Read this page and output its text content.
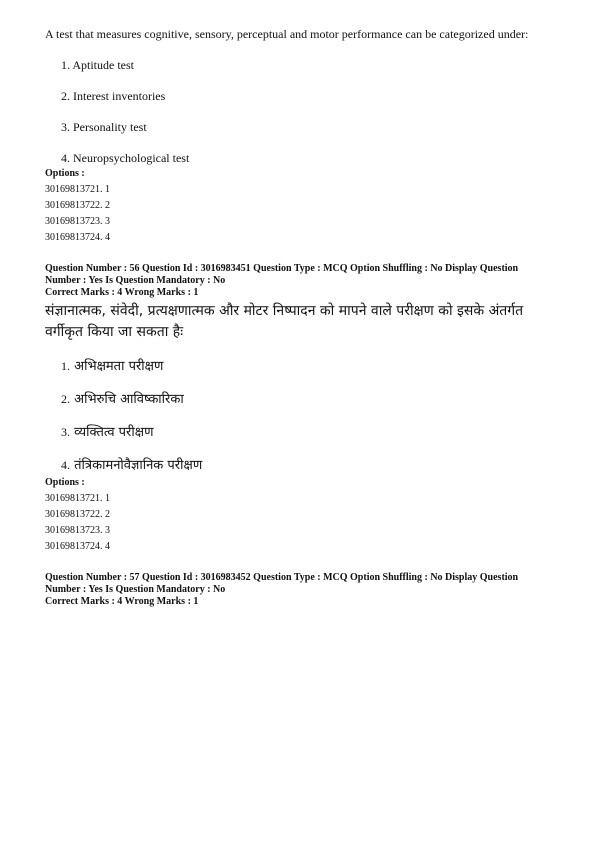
A test that measures cognitive, sensory, perceptual and motor performance can be categorized under:

1. Aptitude test
2. Interest inventories
3. Personality test
4. Neuropsychological test
Options :
30169813721. 1
30169813722. 2
30169813723. 3
30169813724. 4

Question Number : 56 Question Id : 3016983451 Question Type : MCQ Option Shuffling : No Display Question

Number : Yes Is Question Mandatory : No

Correct Marks : 4 Wrong Marks : 1

संज्ञानात्मक, संवेदी, प्रत्यक्षणात्मक और मोटर निष्पादन को मापने वाले परीक्षण को इसके अंतर्गत वर्गीकृत किया जा सकता हैः
1. अभिक्षमता परीक्षण
2. अभिरुचि आविष्कारिका
3. व्यक्तित्व परीक्षण
4. तंत्रिकामनोवैज्ञानिक परीक्षण
Options :
30169813721. 1
30169813722. 2
30169813723. 3
30169813724. 4

Question Number : 57 Question Id : 3016983452 Question Type : MCQ Option Shuffling : No Display Question

Number : Yes Is Question Mandatory : No

Correct Marks : 4 Wrong Marks : 1
